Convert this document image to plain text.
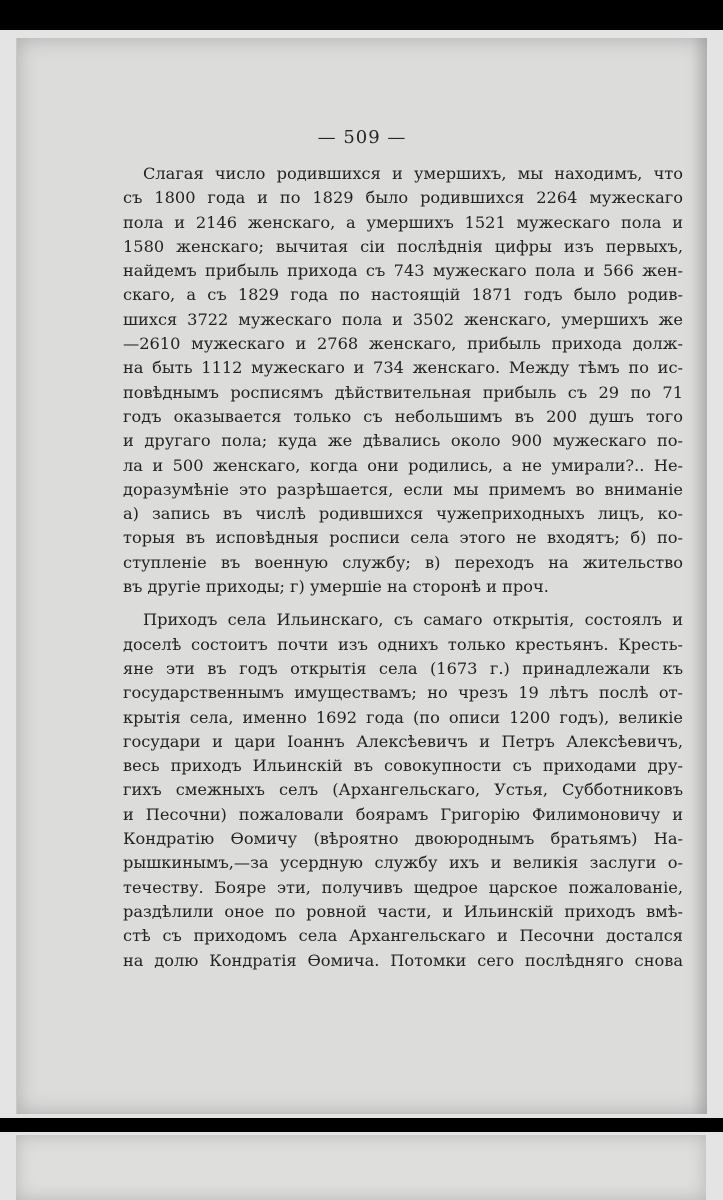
— 509 —
Слагая число родившихся и умершихъ, мы находимъ, что
съ 1800 года и по 1829 было родившихся 2264 мужескаго
пола и 2146 женскаго, а умершихъ 1521 мужескаго пола и
1580 женскаго; вычитая сіи послѣднія цифры изъ первыхъ,
найдемъ прибыль прихода съ 743 мужескаго пола и 566 жен-
скаго, а съ 1829 года по настоящій 1871 годъ было родив-
шихся 3722 мужескаго пола и 3502 женскаго, умершихъ же
—2610 мужескаго и 2768 женскаго, прибыль прихода долж-
на быть 1112 мужескаго и 734 женскаго. Между тѣмъ по ис-
повѣднымъ росписямъ дѣйствительная прибыль съ 29 по 71
годъ оказывается только съ небольшимъ въ 200 душъ того
и другаго пола; куда же дѣвались около 900 мужескаго по-
ла и 500 женскаго, когда они родились, а не умирали?.. Не-
доразумѣніе это разрѣшается, если мы примемъ во вниманіе
а) запись въ числѣ родившихся чужеприходныхъ лицъ, ко-
торыя въ исповѣдныя росписи села этого не входятъ; б) по-
ступленіе въ военную службу; в) переходъ на жительство
въ другіе приходы; г) умершіе на сторонѣ и проч.
Приходъ села Ильинскаго, съ самаго открытія, состоялъ и
доселѣ состоитъ почти изъ однихъ только крестьянъ. Кресть-
яне эти въ годъ открытія села (1673 г.) принадлежали къ
государственнымъ имуществамъ; но чрезъ 19 лѣтъ послѣ от-
крытія села, именно 1692 года (по описи 1200 годъ), великіе
государи и цари Іоаннъ Алексѣевичъ и Петръ Алексѣевичъ,
весь приходъ Ильинскій въ совокупности съ приходами дру-
гихъ смежныхъ селъ (Архангельскаго, Устья, Субботниковъ
и Песочни) пожаловали боярамъ Григорію Филимоновичу и
Кондратію Ѳомичу (вѣроятно двоюроднымъ братьямъ) На-
рышкинымъ,—за усердную службу ихъ и великія заслуги о-
течеству. Бояре эти, получивъ щедрое царское пожалованіе,
раздѣлили оное по ровной части, и Ильинскій приходъ вмѣ-
стѣ съ приходомъ села Архангельскаго и Песочни достался
на долю Кондратія Ѳомича. Потомки сего послѣдняго снова
